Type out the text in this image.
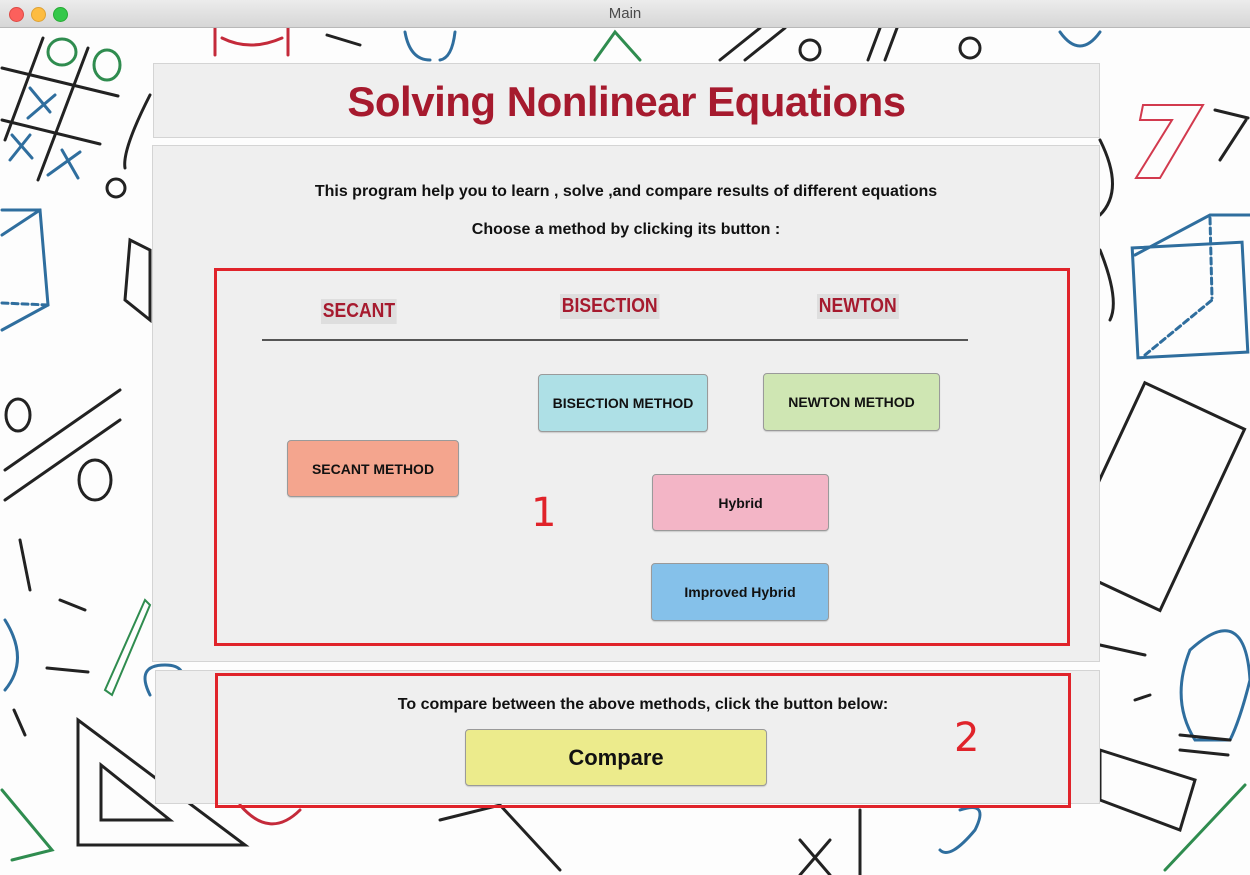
Main
Solving Nonlinear Equations
This program help you to learn , solve ,and compare results of different equations
Choose a method by clicking its button :
SECANT	BISECTION	NEWTON
SECANT METHOD
BISECTION METHOD	NEWTON METHOD
Hybrid
Improved Hybrid
1
To compare between the above methods, click the button below:
Compare	2
